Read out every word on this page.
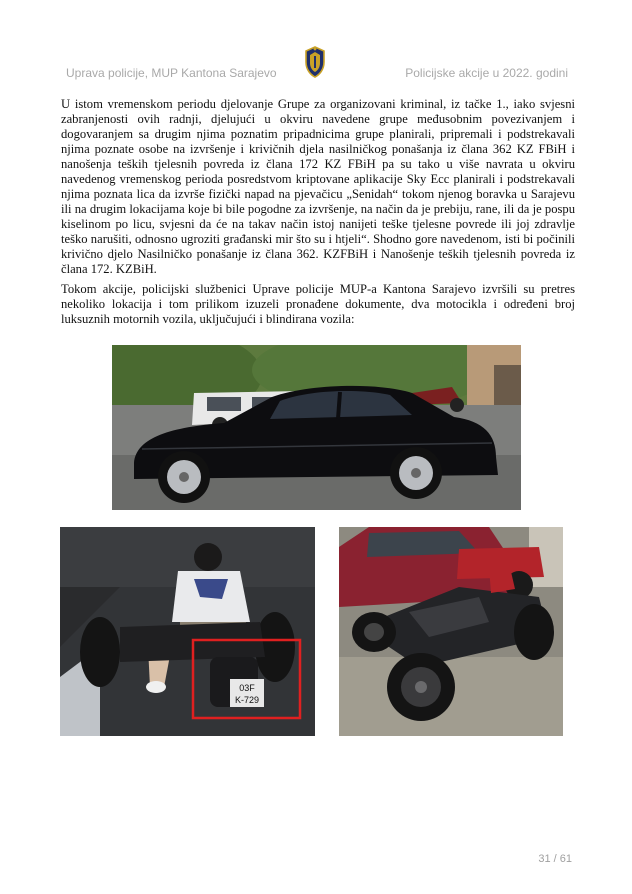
Uprava policije, MUP Kantona Sarajevo	Policijske akcije u 2022. godini

U istom vremenskom periodu djelovanje Grupe za organizovani kriminal, iz tačke 1., iako svjesni zabranjenosti ovih radnji, djelujući u okviru navedene grupe međusobnim povezivanjem i dogovaranjem sa drugim njima poznatim pripadnicima grupe planirali, pripremali i podstrekavali njima poznate osobe na izvršenje i krivičnih djela nasilničkog ponašanja iz člana 362 KZ FBiH i nanošenja teških tjelesnih povreda iz člana 172 KZ FBiH pa su tako u više navrata u okviru navedenog vremenskog perioda posredstvom kriptovane aplikacije Sky Ecc planirali i podstrekavali njima poznata lica da izvrše fizički napad na pjevačicu „Senidah“ tokom njenog boravka u Sarajevu ili na drugim lokacijama koje bi bile pogodne za izvršenje, na način da je prebiju, rane, ili da je pospu kiselinom po licu, svjesni da će na takav način istoj nanijeti teške tjelesne povrede ili joj zdravlje teško narušiti, odnosno ugroziti građanski mir što su i htjeli“. Shodno gore navedenom, isti bi počinili krivično djelo Nasilničko ponašanje iz člana 362. KZFBiH i Nanošenje teških tjelesnih povreda iz člana 172. KZBiH.

Tokom akcije, policijski službenici Uprave policije MUP-a Kantona Sarajevo izvršili su pretres nekoliko lokacija i tom prilikom izuzeli pronađene dokumente, dva motocikla i određeni broj luksuznih motornih vozila, uključujući i blindirana vozila:

03F
K-729
31 / 61
